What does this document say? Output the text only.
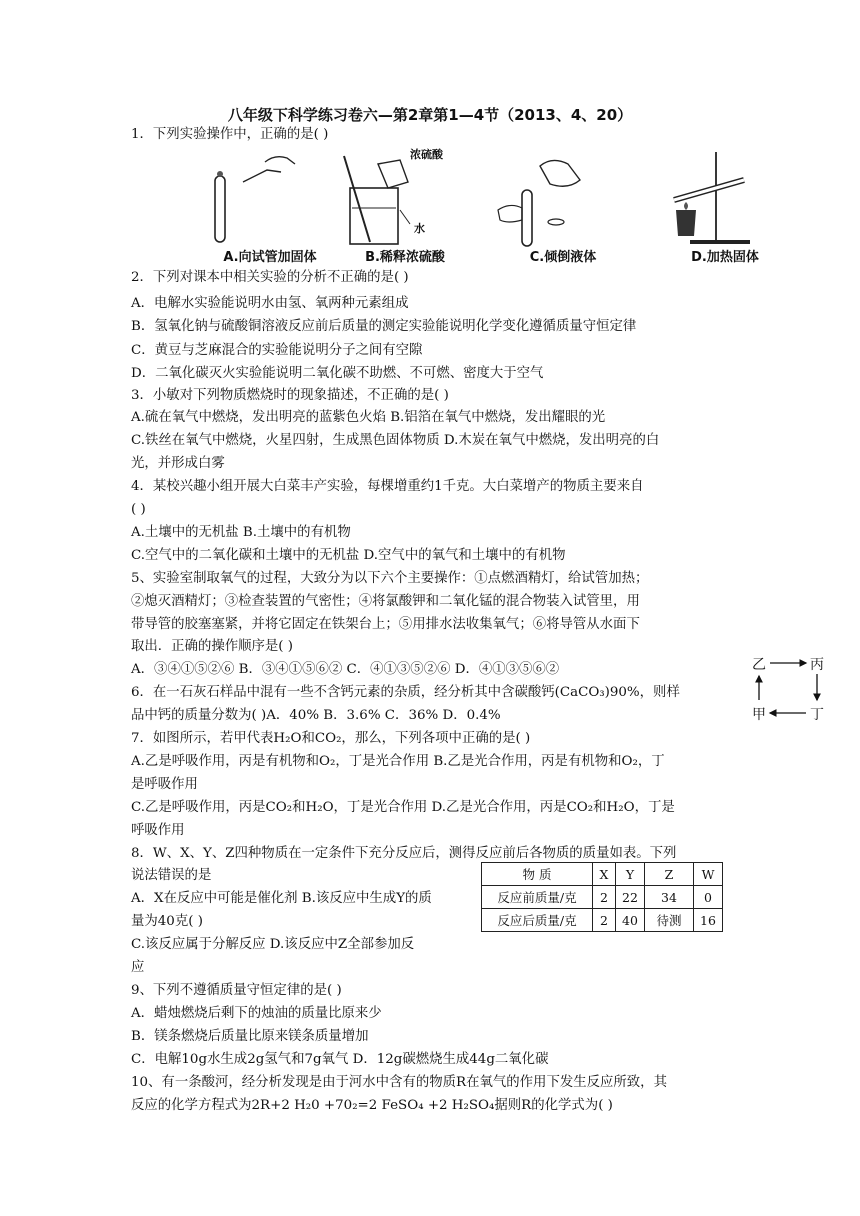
八年级下科学练习卷六—第2章第1—4节（2013、4、20）
1．下列实验操作中，正确的是( )
A.向试管加固体
浓硫酸
水
B.稀释浓硫酸	C.倾倒液体	D.加热固体
2．下列对课本中相关实验的分析不正确的是( )
A．电解水实验能说明水由氢、氧两种元素组成
B．氢氧化钠与硫酸铜溶液反应前后质量的测定实验能说明化学变化遵循质量守恒定律
C．黄豆与芝麻混合的实验能说明分子之间有空隙
D．二氧化碳灭火实验能说明二氧化碳不助燃、不可燃、密度大于空气
3．小敏对下列物质燃烧时的现象描述，不正确的是( )
A.硫在氧气中燃烧，发出明亮的蓝紫色火焰 B.铝箔在氧气中燃烧，发出耀眼的光
C.铁丝在氧气中燃烧，火星四射，生成黑色固体物质 D.木炭在氧气中燃烧，发出明亮的白
光，并形成白雾
4．某校兴趣小组开展大白菜丰产实验，每棵增重约1千克。大白菜增产的物质主要来自
( )
A.土壤中的无机盐 B.土壤中的有机物
C.空气中的二氧化碳和土壤中的无机盐 D.空气中的氧气和土壤中的有机物
5、实验室制取氧气的过程，大致分为以下六个主要操作：①点燃酒精灯，给试管加热；
②熄灭酒精灯；③检查装置的气密性；④将氯酸钾和二氧化锰的混合物装入试管里，用
带导管的胶塞塞紧，并将它固定在铁架台上；⑤用排水法收集氧气；⑥将导管从水面下
取出．正确的操作顺序是( )
A．③④①⑤②⑥ B．③④①⑤⑥② C．④①③⑤②⑥ D．④①③⑤⑥②
6．在一石灰石样品中混有一些不含钙元素的杂质，经分析其中含碳酸钙(CaCO₃)90%，则样
品中钙的质量分数为( )A．40% B．3.6% C．36% D．0.4%
7．如图所示，若甲代表H₂O和CO₂，那么，下列各项中正确的是( )
A.乙是呼吸作用，丙是有机物和O₂，丁是光合作用 B.乙是光合作用，丙是有机物和O₂，丁
是呼吸作用
C.乙是呼吸作用，丙是CO₂和H₂O，丁是光合作用 D.乙是光合作用，丙是CO₂和H₂O，丁是
呼吸作用
8．W、X、Y、Z四种物质在一定条件下充分反应后，测得反应前后各物质的质量如表。下列
说法错误的是
A．X在反应中可能是催化剂 B.该反应中生成Y的质
量为40克( )
C.该反应属于分解反应 D.该反应中Z全部参加反
应
物 质	X	Y	Z	W
反应前质量/克	2	22	34	0
反应后质量/克	2	40	待测	16
9、下列不遵循质量守恒定律的是( )
A．蜡烛燃烧后剩下的烛油的质量比原来少
B．镁条燃烧后质量比原来镁条质量增加
C．电解10g水生成2g氢气和7g氧气 D．12g碳燃烧生成44g二氧化碳
10、有一条酸河，经分析发现是由于河水中含有的物质R在氧气的作用下发生反应所致，其
反应的化学方程式为2R+2 H₂0 +70₂=2 FeSO₄ +2 H₂SO₄据则R的化学式为( )
乙	丙
甲	丁
